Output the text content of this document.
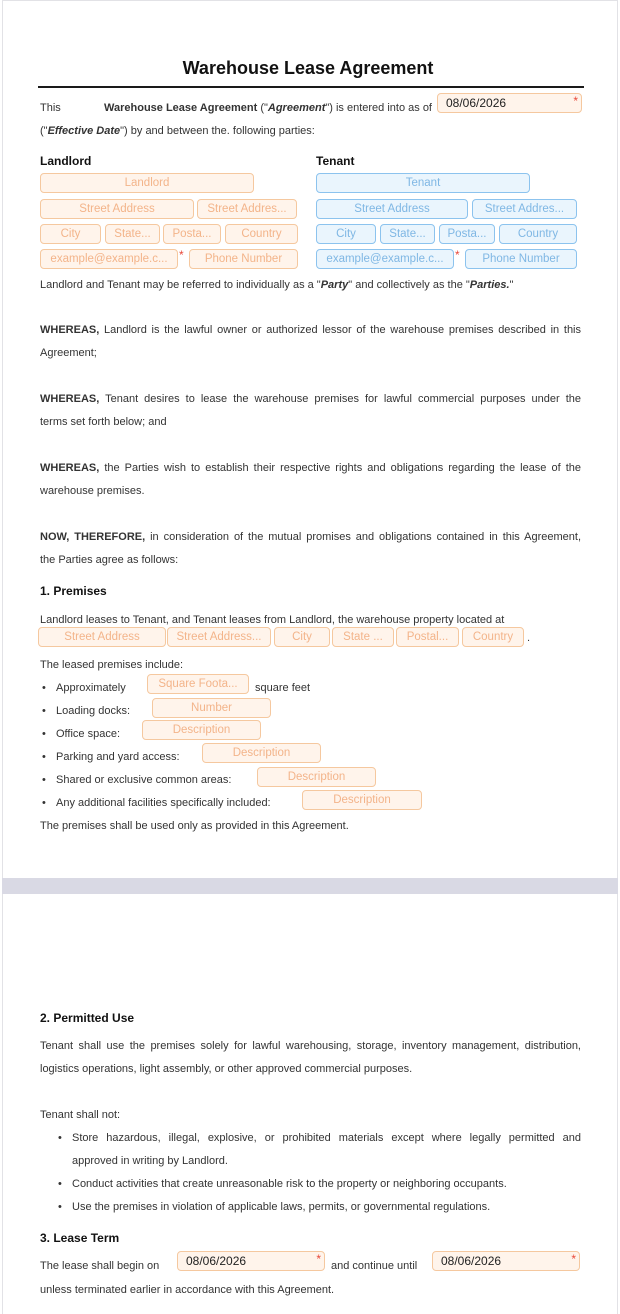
Warehouse Lease Agreement
This	Warehouse Lease Agreement ("Agreement") is entered into as of	08/06/2026 *
("Effective Date") by and between the. following parties:
Landlord
Landlord
Street Address	Street Addres...
City	State...	Posta...	Country
example@example.c... *	Phone Number
Tenant
Tenant
Street Address	Street Addres...
City	State...	Posta...	Country
example@example.c... *	Phone Number
Landlord and Tenant may be referred to individually as a "Party" and collectively as the "Parties."
WHEREAS, Landlord is the lawful owner or authorized lessor of the warehouse premises described in this
Agreement;
WHEREAS, Tenant desires to lease the warehouse premises for lawful commercial purposes under the
terms set forth below; and
WHEREAS, the Parties wish to establish their respective rights and obligations regarding the lease of the
warehouse premises.
NOW, THEREFORE, in consideration of the mutual promises and obligations contained in this Agreement,
the Parties agree as follows:
1. Premises
Landlord leases to Tenant, and Tenant leases from Landlord, the warehouse property located at
Street Address	Street Address...	City	State ...	Postal...	Country	.
The leased premises include:
• Approximately	Square Foota...	square feet
• Loading docks:	Number
• Office space:	Description
• Parking and yard access:	Description
• Shared or exclusive common areas:	Description
• Any additional facilities specifically included:	Description
The premises shall be used only as provided in this Agreement.
2. Permitted Use
Tenant shall use the premises solely for lawful warehousing, storage, inventory management, distribution,
logistics operations, light assembly, or other approved commercial purposes.
Tenant shall not:
• Store hazardous, illegal, explosive, or prohibited materials except where legally permitted and
approved in writing by Landlord.
• Conduct activities that create unreasonable risk to the property or neighboring occupants.
• Use the premises in violation of applicable laws, permits, or governmental regulations.
3. Lease Term
The lease shall begin on	08/06/2026 *	and continue until	08/06/2026 *
unless terminated earlier in accordance with this Agreement.
